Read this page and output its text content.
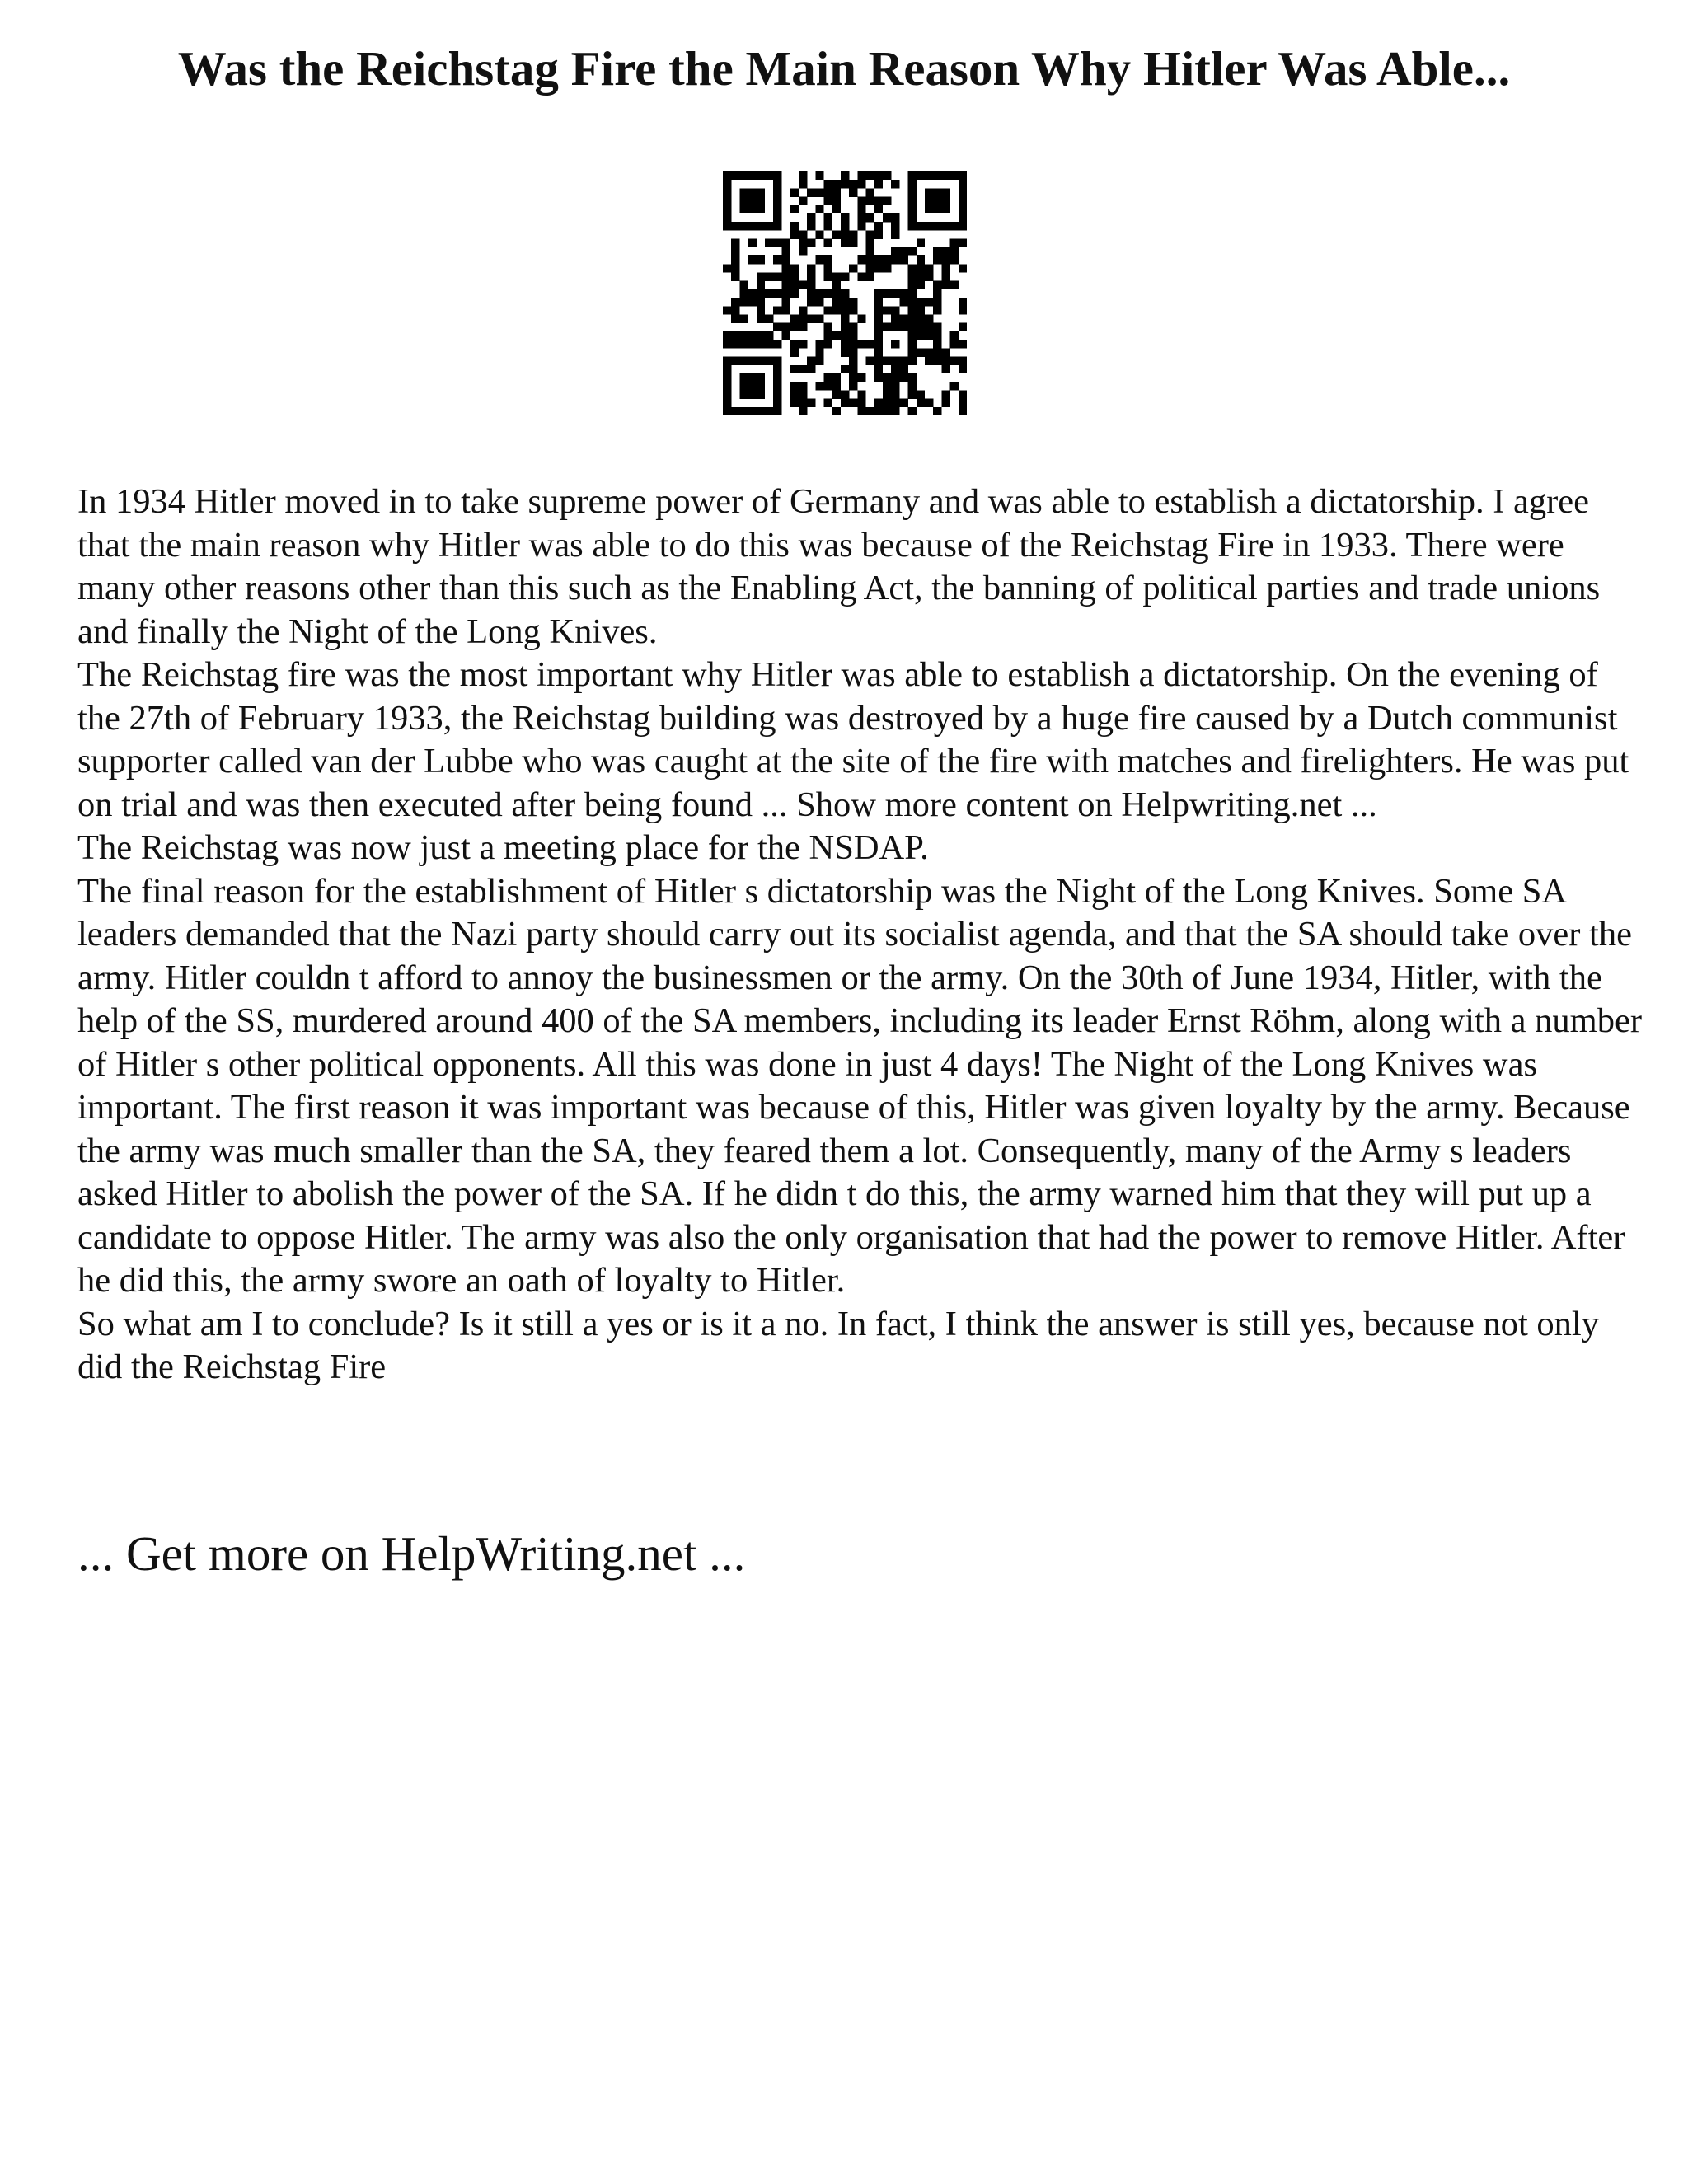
Was the Reichstag Fire the Main Reason Why Hitler Was Able...

In 1934 Hitler moved in to take supreme power of Germany and was able to establish a dictatorship. I agree that the main reason why Hitler was able to do this was because of the Reichstag Fire in 1933. There were many other reasons other than this such as the Enabling Act, the banning of political parties and trade unions and finally the Night of the Long Knives.

The Reichstag fire was the most important why Hitler was able to establish a dictatorship. On the evening of the 27th of February 1933, the Reichstag building was destroyed by a huge fire caused by a Dutch communist supporter called van der Lubbe who was caught at the site of the fire with matches and firelighters. He was put on trial and was then executed after being found ... Show more content on Helpwriting.net ...

The Reichstag was now just a meeting place for the NSDAP.

The final reason for the establishment of Hitler s dictatorship was the Night of the Long Knives. Some SA leaders demanded that the Nazi party should carry out its socialist agenda, and that the SA should take over the army. Hitler couldn t afford to annoy the businessmen or the army. On the 30th of June 1934, Hitler, with the help of the SS, murdered around 400 of the SA members, including its leader Ernst Röhm, along with a number of Hitler s other political opponents. All this was done in just 4 days! The Night of the Long Knives was important. The first reason it was important was because of this, Hitler was given loyalty by the army. Because the army was much smaller than the SA, they feared them a lot. Consequently, many of the Army s leaders asked Hitler to abolish the power of the SA. If he didn t do this, the army warned him that they will put up a candidate to oppose Hitler. The army was also the only organisation that had the power to remove Hitler. After he did this, the army swore an oath of loyalty to Hitler.

So what am I to conclude? Is it still a yes or is it a no. In fact, I think the answer is still yes, because not only did the Reichstag Fire

... Get more on HelpWriting.net ...
